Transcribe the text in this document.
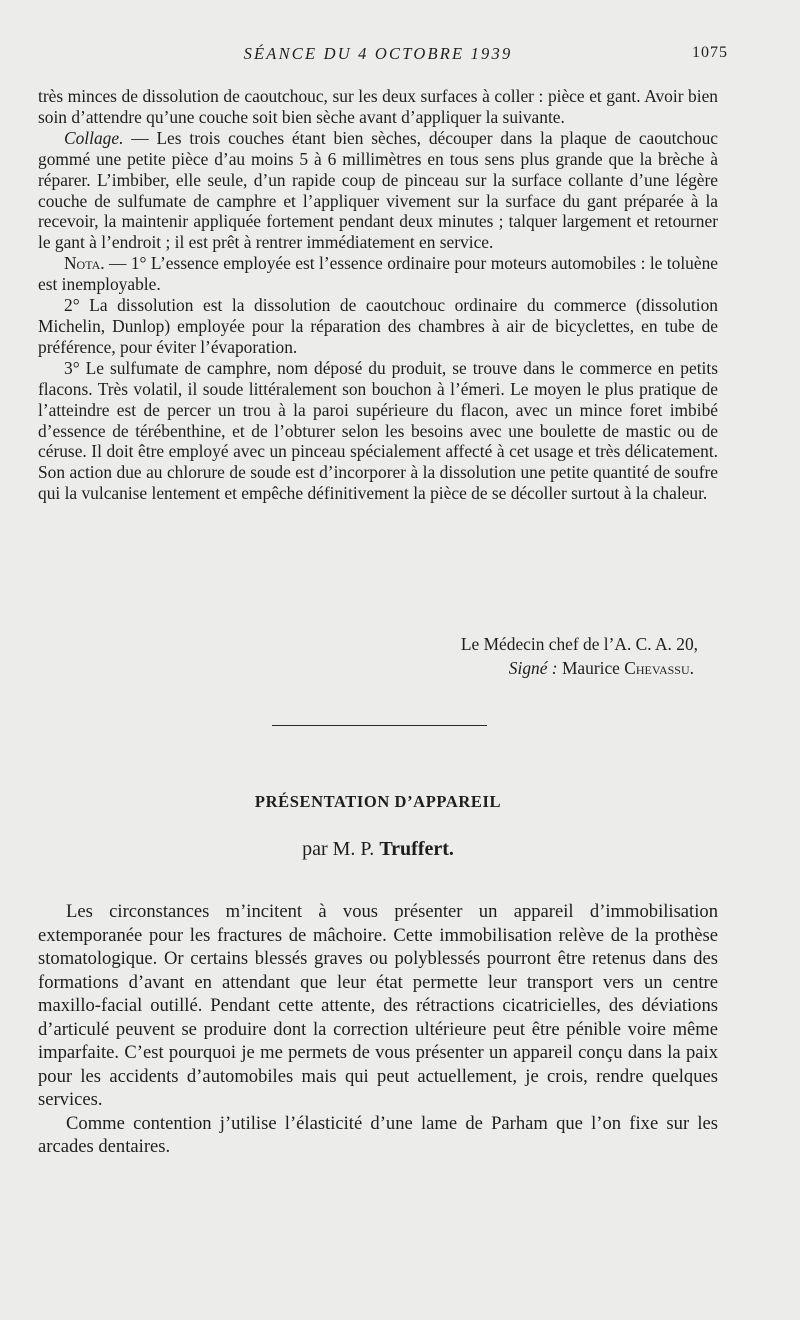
SÉANCE DU 4 OCTOBRE 1939	1075

très minces de dissolution de caoutchouc, sur les deux surfaces à coller : pièce et gant. Avoir bien soin d’attendre qu’une couche soit bien sèche avant d’appliquer la suivante.

Collage. — Les trois couches étant bien sèches, découper dans la plaque de caoutchouc gommé une petite pièce d’au moins 5 à 6 millimètres en tous sens plus grande que la brèche à réparer. L’imbiber, elle seule, d’un rapide coup de pinceau sur la surface collante d’une légère couche de sulfumate de camphre et l’appliquer vivement sur la surface du gant préparée à la recevoir, la maintenir appliquée fortement pendant deux minutes ; talquer largement et retourner le gant à l’endroit ; il est prêt à rentrer immédiatement en service.

Nota. — 1° L’essence employée est l’essence ordinaire pour moteurs automobiles : le toluène est inemployable.

2° La dissolution est la dissolution de caoutchouc ordinaire du commerce (dissolution Michelin, Dunlop) employée pour la réparation des chambres à air de bicyclettes, en tube de préférence, pour éviter l’évaporation.

3° Le sulfumate de camphre, nom déposé du produit, se trouve dans le commerce en petits flacons. Très volatil, il soude littéralement son bouchon à l’émeri. Le moyen le plus pratique de l’atteindre est de percer un trou à la paroi supérieure du flacon, avec un mince foret imbibé d’essence de térébenthine, et de l’obturer selon les besoins avec une boulette de mastic ou de céruse. Il doit être employé avec un pinceau spécialement affecté à cet usage et très délicatement. Son action due au chlorure de soude est d’incorporer à la dissolution une petite quantité de soufre qui la vulcanise lentement et empêche définitivement la pièce de se décoller surtout à la chaleur.

Le Médecin chef de l’A. C. A. 20,
Signé : Maurice Chevassu.
PRÉSENTATION D’APPAREIL
par M. P. Truffert.

Les circonstances m’incitent à vous présenter un appareil d’immobilisation extemporanée pour les fractures de mâchoire. Cette immobilisation relève de la prothèse stomatologique. Or certains blessés graves ou polyblessés pourront être retenus dans des formations d’avant en attendant que leur état permette leur transport vers un centre maxillo-facial outillé. Pendant cette attente, des rétractions cicatricielles, des déviations d’articulé peuvent se produire dont la correction ultérieure peut être pénible voire même imparfaite. C’est pourquoi je me permets de vous présenter un appareil conçu dans la paix pour les accidents d’automobiles mais qui peut actuellement, je crois, rendre quelques services.

Comme contention j’utilise l’élasticité d’une lame de Parham que l’on fixe sur les arcades dentaires.
